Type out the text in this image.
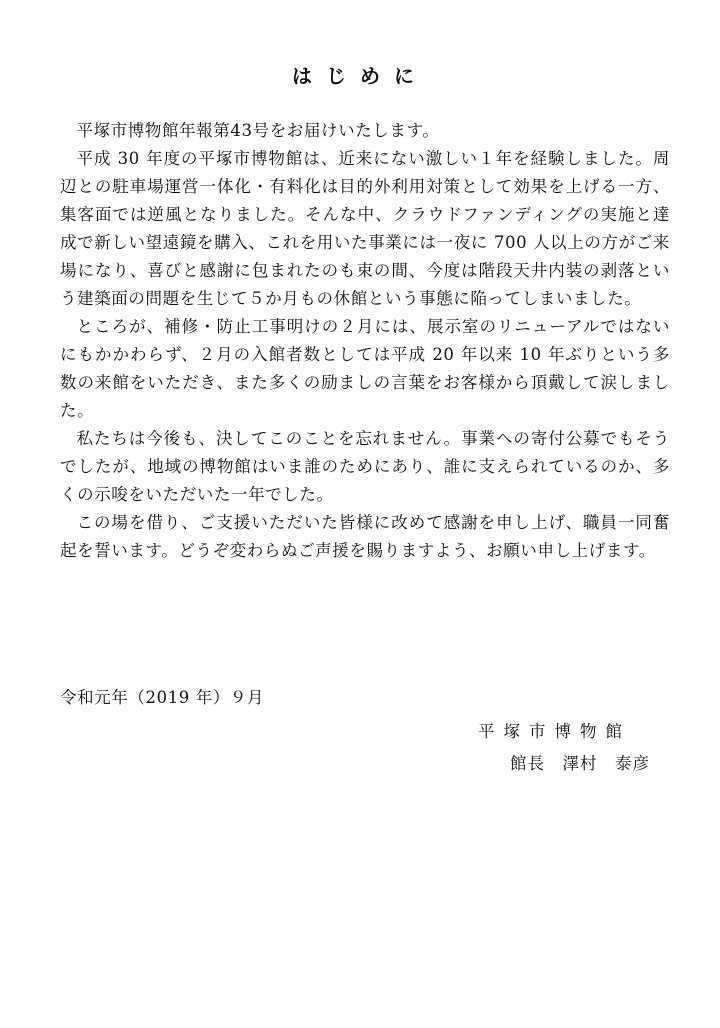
はじめに

平塚市博物館年報第43号をお届けいたします。

平成 30 年度の平塚市博物館は、近来にない激しい１年を経験しました。周辺との駐車場運営一体化・有料化は目的外利用対策として効果を上げる一方、集客面では逆風となりました。そんな中、クラウドファンディングの実施と達成で新しい望遠鏡を購入、これを用いた事業には一夜に 700 人以上の方がご来場になり、喜びと感謝に包まれたのも束の間、今度は階段天井内装の剥落という建築面の問題を生じて５か月もの休館という事態に陥ってしまいました。

ところが、補修・防止工事明けの２月には、展示室のリニューアルではないにもかかわらず、２月の入館者数としては平成 20 年以来 10 年ぶりという多数の来館をいただき、また多くの励ましの言葉をお客様から頂戴して涙しました。

私たちは今後も、決してこのことを忘れません。事業への寄付公募でもそうでしたが、地域の博物館はいま誰のためにあり、誰に支えられているのか、多くの示唆をいただいた一年でした。

この場を借り、ご支援いただいた皆様に改めて感謝を申し上げ、職員一同奮起を誓います。どうぞ変わらぬご声援を賜りますよう、お願い申し上げます。

令和元年（2019 年）９月
平塚市博物館
館長　澤村　泰彦
